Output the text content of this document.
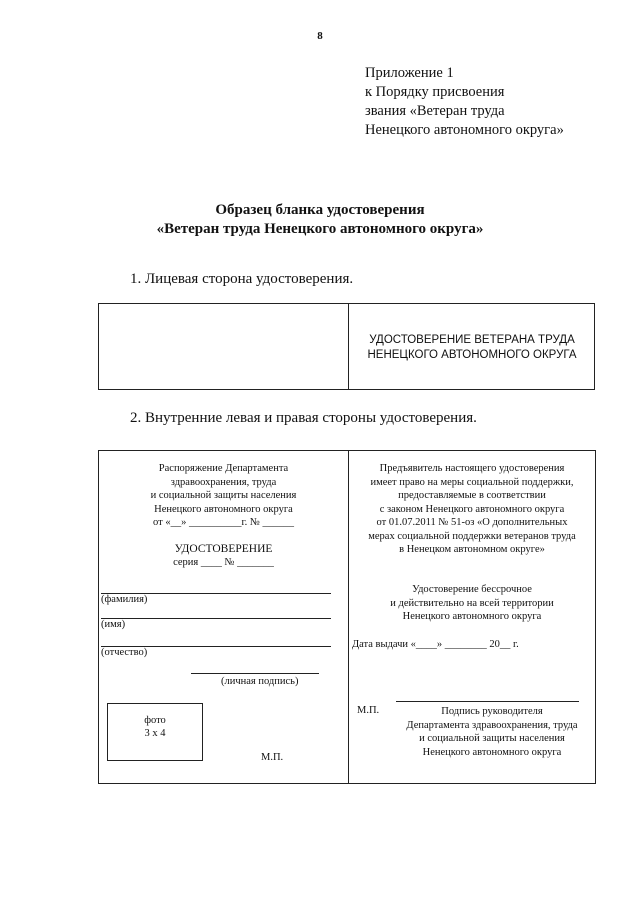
8
Приложение 1
к Порядку присвоения
звания «Ветеран труда
Ненецкого автономного округа»
Образец бланка удостоверения
«Ветеран труда Ненецкого автономного округа»
1. Лицевая сторона удостоверения.
УДОСТОВЕРЕНИЕ ВЕТЕРАНА ТРУДА
НЕНЕЦКОГО АВТОНОМНОГО ОКРУГА
2. Внутренние левая и правая стороны удостоверения.
Распоряжение Департамента
здравоохранения, труда
и социальной защиты населения
Ненецкого автономного округа
от «__» __________г. № ______
УДОСТОВЕРЕНИЕ
серия ____ № _______
(фамилия)
(имя)
(отчество)
(личная подпись)
фото
3 х 4
М.П.
Предъявитель настоящего удостоверения
имеет право на меры социальной поддержки,
предоставляемые в соответствии
с законом Ненецкого автономного округа
от 01.07.2011 № 51-оз «О дополнительных
мерах социальной поддержки ветеранов труда
в Ненецком автономном округе»
Удостоверение бессрочное
и действительно на всей территории
Ненецкого автономного округа
Дата выдачи «____» ________ 20__ г.
М.П.	Подпись руководителя
Департамента здравоохранения, труда
и социальной защиты населения
Ненецкого автономного округа
